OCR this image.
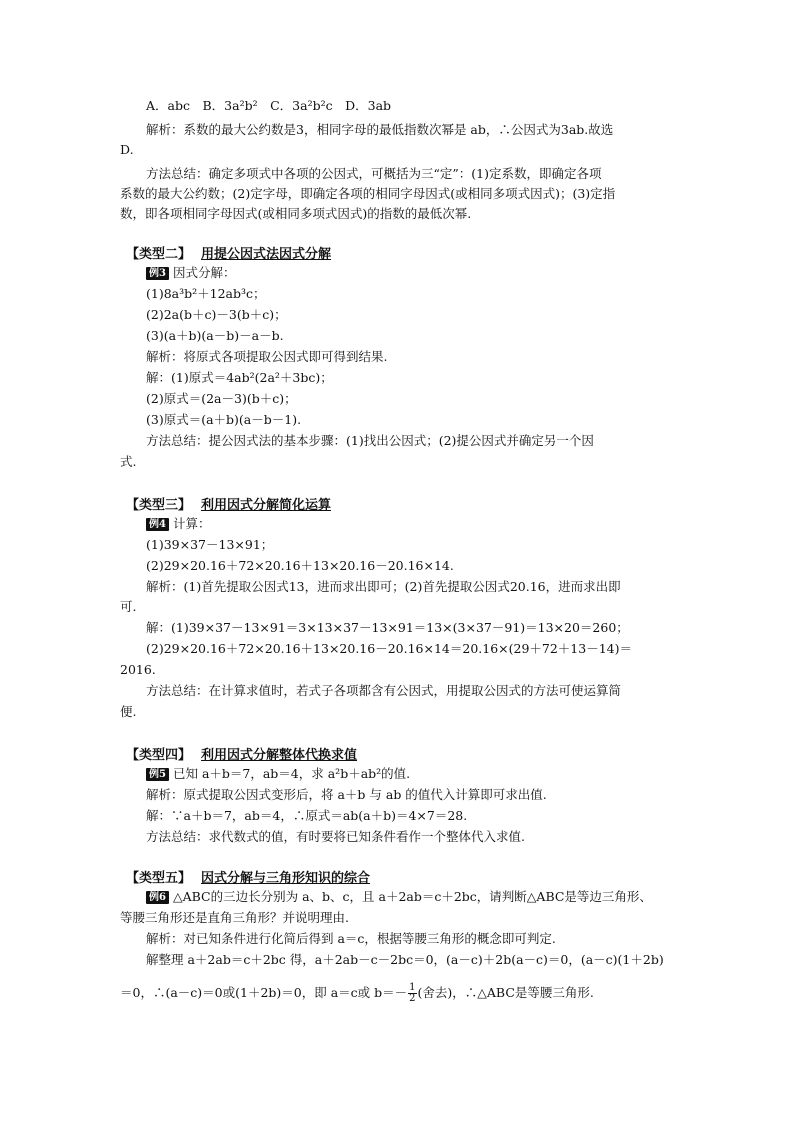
A．abc　B．3a²b²　C．3a²b²c　D．3ab
解析：系数的最大公约数是3，相同字母的最低指数次幂是 ab，∴公因式为3ab.故选
D.
方法总结：确定多项式中各项的公因式，可概括为三“定”：(1)定系数，即确定各项
系数的最大公约数；(2)定字母，即确定各项的相同字母因式(或相同多项式因式)；(3)定指
数，即各项相同字母因式(或相同多项式因式)的指数的最低次幂.
【类型二】 用提公因式法因式分解
例3 因式分解：
(1)8a³b²＋12ab³c；
(2)2a(b＋c)－3(b＋c)；
(3)(a＋b)(a－b)－a－b.
解析：将原式各项提取公因式即可得到结果.
解：(1)原式＝4ab²(2a²＋3bc)；
(2)原式＝(2a－3)(b＋c)；
(3)原式＝(a＋b)(a－b－1).
方法总结：提公因式法的基本步骤：(1)找出公因式；(2)提公因式并确定另一个因
式.
【类型三】 利用因式分解简化运算
例4 计算：
(1)39×37－13×91；
(2)29×20.16＋72×20.16＋13×20.16－20.16×14.
解析：(1)首先提取公因式13，进而求出即可；(2)首先提取公因式20.16，进而求出即
可.
解：(1)39×37－13×91＝3×13×37－13×91＝13×(3×37－91)＝13×20＝260；
(2)29×20.16＋72×20.16＋13×20.16－20.16×14＝20.16×(29＋72＋13－14)＝
2016.
方法总结：在计算求值时，若式子各项都含有公因式，用提取公因式的方法可使运算简
便.
【类型四】 利用因式分解整体代换求值
例5 已知 a＋b＝7，ab＝4，求 a²b＋ab²的值.
解析：原式提取公因式变形后，将 a＋b 与 ab 的值代入计算即可求出值.
解：∵a＋b＝7，ab＝4，∴原式＝ab(a＋b)＝4×7＝28.
方法总结：求代数式的值，有时要将已知条件看作一个整体代入求值.
【类型五】 因式分解与三角形知识的综合
例6 △ABC的三边长分别为 a、b、c，且 a＋2ab＝c＋2bc，请判断△ABC是等边三角形、
等腰三角形还是直角三角形？并说明理由.
解析：对已知条件进行化简后得到 a＝c，根据等腰三角形的概念即可判定.
解整理 a＋2ab＝c＋2bc 得，a＋2ab－c－2bc＝0，(a－c)＋2b(a－c)＝0，(a－c)(1＋2b)
＝0，∴(a－c)＝0或(1＋2b)＝0，即 a＝c或 $b=- \frac{1}{2}$ (舍去)，∴△ABC是等腰三角形.
